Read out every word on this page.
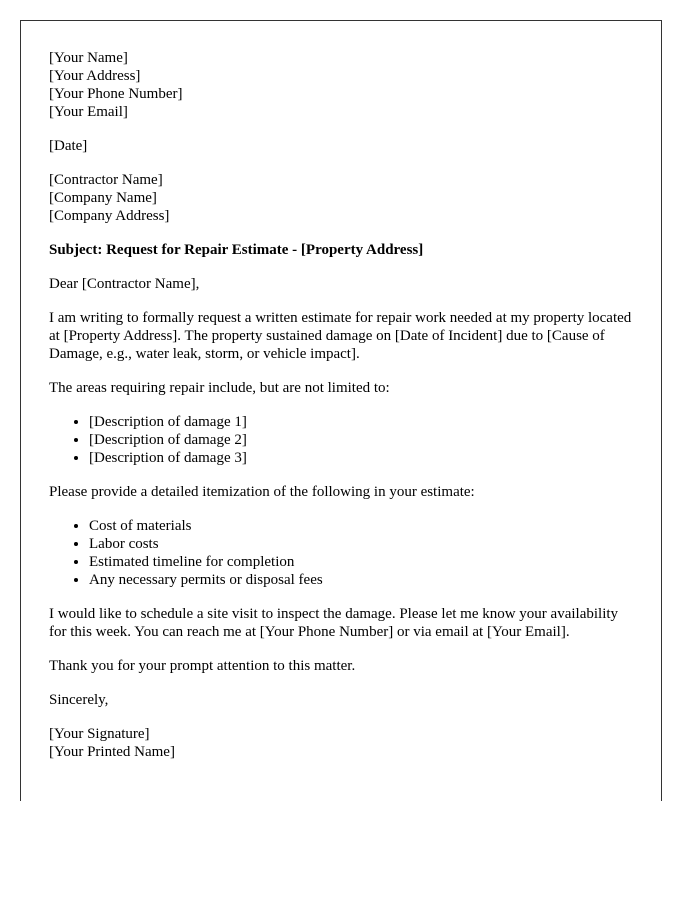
[Your Name]
[Your Address]
[Your Phone Number]
[Your Email]

[Date]

[Contractor Name]
[Company Name]
[Company Address]

Subject: Request for Repair Estimate - [Property Address]

Dear [Contractor Name],

I am writing to formally request a written estimate for repair work needed at my property located at [Property Address]. The property sustained damage on [Date of Incident] due to [Cause of Damage, e.g., water leak, storm, or vehicle impact].

The areas requiring repair include, but are not limited to:

• [Description of damage 1]
• [Description of damage 2]
• [Description of damage 3]

Please provide a detailed itemization of the following in your estimate:

• Cost of materials
• Labor costs
• Estimated timeline for completion
• Any necessary permits or disposal fees

I would like to schedule a site visit to inspect the damage. Please let me know your availability for this week. You can reach me at [Your Phone Number] or via email at [Your Email].

Thank you for your prompt attention to this matter.

Sincerely,

[Your Signature]
[Your Printed Name]
